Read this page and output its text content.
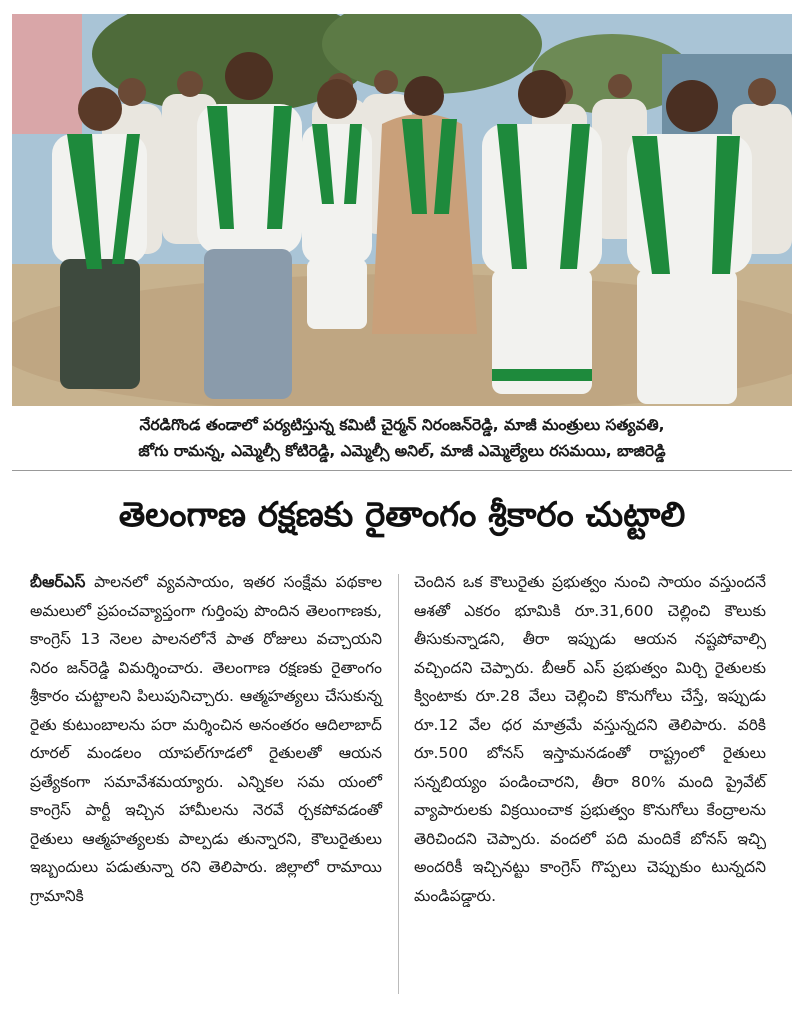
నేరడిగొండ తండాలో పర్యటిస్తున్న కమిటీ చైర్మన్ నిరంజన్‌రెడ్డి, మాజీ మంత్రులు సత్యవతి,
జోగు రామన్న, ఎమ్మెల్సీ కోటిరెడ్డి, ఎమ్మెల్సీ అనిల్, మాజీ ఎమ్మెల్యేలు రసమయి, బాజిరెడ్డి
తెలంగాణ రక్షణకు రైతాంగం శ్రీకారం చుట్టాలి
బీఆర్ఎస్ పాలనలో వ్యవసాయం, ఇతర సంక్షేమ పథకాల అమలులో ప్రపంచవ్యాప్తంగా గుర్తింపు పొందిన తెలంగాణకు, కాంగ్రెస్ 13 నెలల పాలనలోనే పాత రోజులు వచ్చాయని నిరం జన్‌రెడ్డి విమర్శించారు. తెలంగాణ రక్షణకు రైతాంగం శ్రీకారం చుట్టాలని పిలుపునిచ్చారు. ఆత్మహత్యలు చేసుకున్న రైతు కుటుంబాలను పరా మర్శించిన అనంతరం ఆదిలాబాద్ రూరల్ మండలం యాపల్‌గూడలో రైతులతో ఆయన ప్రత్యేకంగా సమావేశమయ్యారు. ఎన్నికల సమ యంలో కాంగ్రెస్ పార్టీ ఇచ్చిన హామీలను నెరవే ర్చకపోవడంతో రైతులు ఆత్మహత్యలకు పాల్పడు తున్నారని, కౌలురైతులు ఇబ్బందులు పడుతున్నా రని తెలిపారు. జిల్లాలో రామాయి గ్రామానికి
చెందిన ఒక కౌలురైతు ప్రభుత్వం నుంచి సాయం వస్తుందనే ఆశతో ఎకరం భూమికి రూ.31,600 చెల్లించి కౌలుకు తీసుకున్నాడని, తీరా ఇప్పుడు ఆయన నష్టపోవాల్సి వచ్చిందని చెప్పారు. బీఆర్ ఎస్ ప్రభుత్వం మిర్చి రైతులకు క్వింటాకు రూ.28 వేలు చెల్లించి కొనుగోలు చేస్తే, ఇప్పుడు రూ.12 వేల ధర మాత్రమే వస్తున్నదని తెలిపారు. వరికి రూ.500 బోనస్ ఇస్తామనడంతో రాష్ట్రంలో రైతులు సన్నబియ్యం పండించారని, తీరా 80% మంది ప్రైవేట్ వ్యాపారులకు విక్రయించాక ప్రభుత్వం కొనుగోలు కేంద్రాలను తెరిచిందని చెప్పారు. వందలో పది మందికే బోనస్ ఇచ్చి అందరికీ ఇచ్చినట్టు కాంగ్రెస్ గొప్పలు చెప్పుకుం టున్నదని మండిపడ్డారు.
